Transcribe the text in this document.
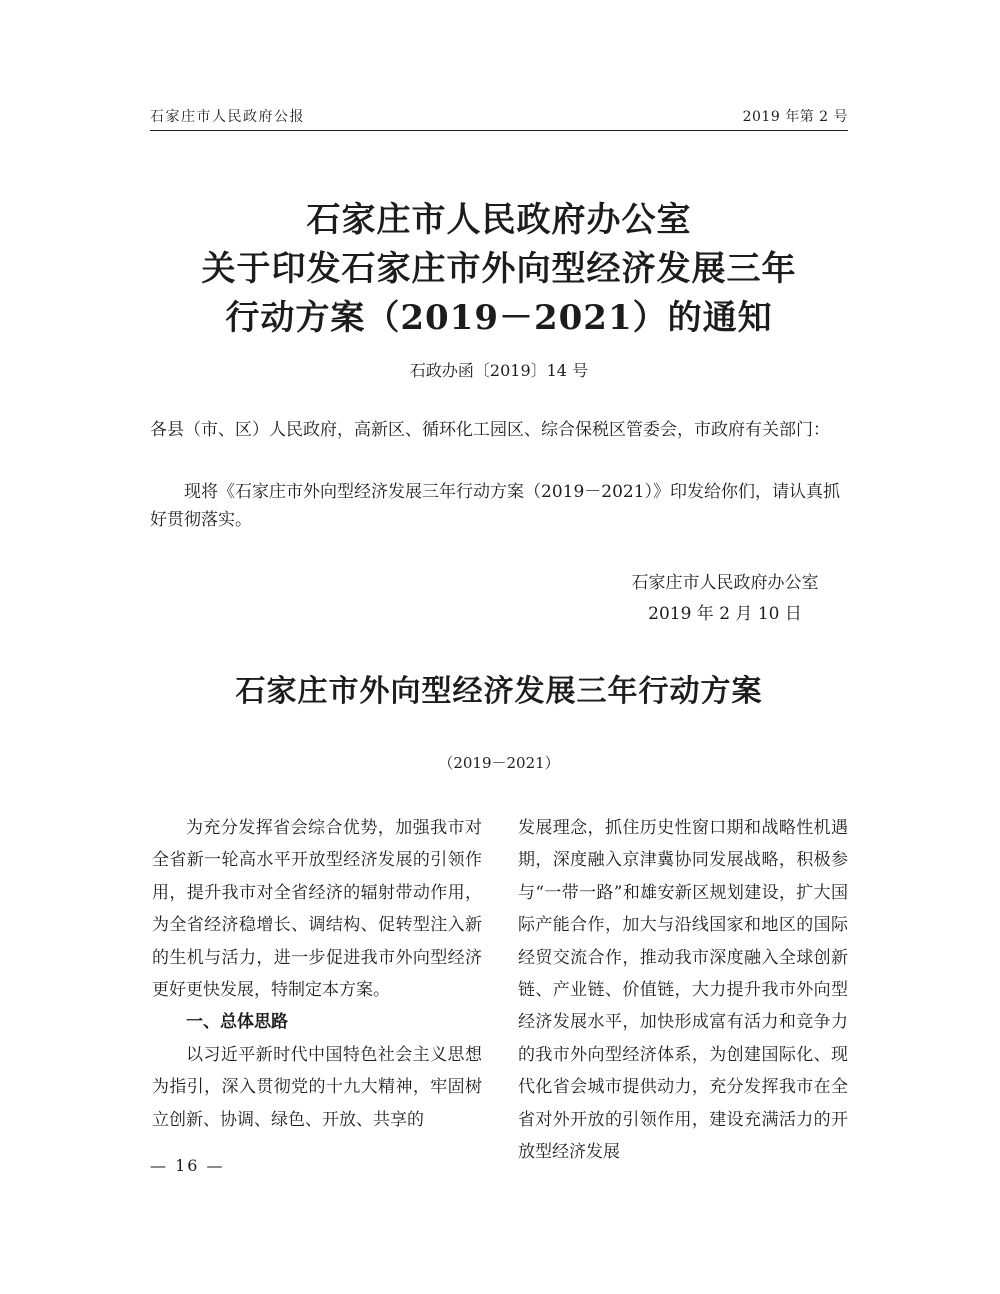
石家庄市人民政府公报	2019 年第 2 号
石家庄市人民政府办公室
关于印发石家庄市外向型经济发展三年
行动方案（2019－2021）的通知
石政办函〔2019〕14 号
各县（市、区）人民政府，高新区、循环化工园区、综合保税区管委会，市政府有关部门：
现将《石家庄市外向型经济发展三年行动方案（2019－2021）》印发给你们，请认真抓好贯彻落实。
石家庄市人民政府办公室
2019 年 2 月 10 日
石家庄市外向型经济发展三年行动方案
（2019－2021）

为充分发挥省会综合优势，加强我市对全省新一轮高水平开放型经济发展的引领作用，提升我市对全省经济的辐射带动作用，为全省经济稳增长、调结构、促转型注入新的生机与活力，进一步促进我市外向型经济更好更快发展，特制定本方案。

一、总体思路

以习近平新时代中国特色社会主义思想为指引，深入贯彻党的十九大精神，牢固树立创新、协调、绿色、开放、共享的

发展理念，抓住历史性窗口期和战略性机遇期，深度融入京津冀协同发展战略，积极参与“一带一路”和雄安新区规划建设，扩大国际产能合作，加大与沿线国家和地区的国际经贸交流合作，推动我市深度融入全球创新链、产业链、价值链，大力提升我市外向型经济发展水平，加快形成富有活力和竞争力的我市外向型经济体系，为创建国际化、现代化省会城市提供动力，充分发挥我市在全省对外开放的引领作用，建设充满活力的开放型经济发展

— 16 —
